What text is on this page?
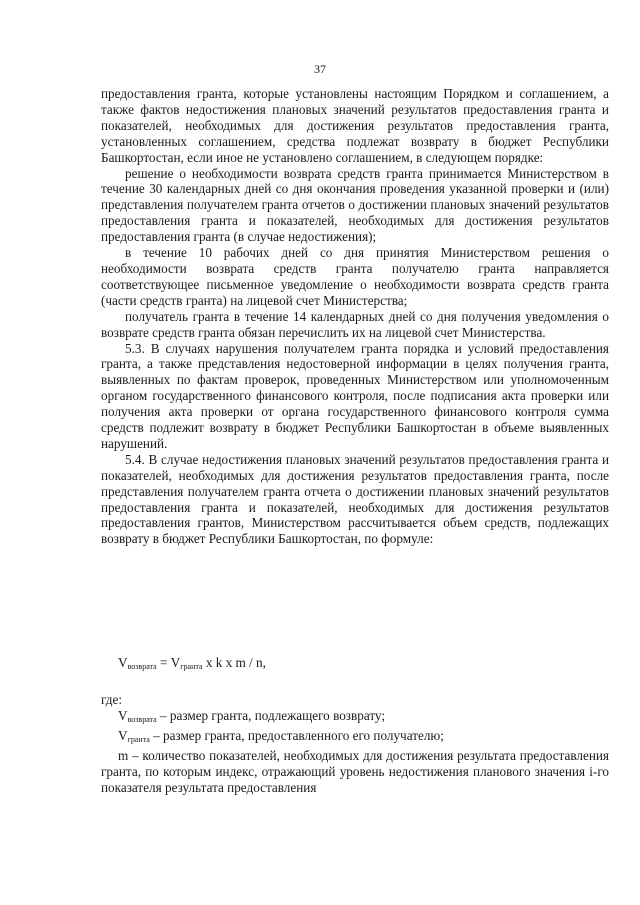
37

предоставления гранта, которые установлены настоящим Порядком и соглашением, а также фактов недостижения плановых значений результатов предоставления гранта и показателей, необходимых для достижения результатов предоставления гранта, установленных соглашением, средства подлежат возврату в бюджет Республики Башкортостан, если иное не установлено соглашением, в следующем порядке:

решение о необходимости возврата средств гранта принимается Министерством в течение 30 календарных дней со дня окончания проведения указанной проверки и (или) представления получателем гранта отчетов о достижении плановых значений результатов предоставления гранта и показателей, необходимых для достижения результатов предоставления гранта (в случае недостижения);

в течение 10 рабочих дней со дня принятия Министерством решения о необходимости возврата средств гранта получателю гранта направляется соответствующее письменное уведомление о необходимости возврата средств гранта (части средств гранта) на лицевой счет Министерства;

получатель гранта в течение 14 календарных дней со дня получения уведомления о возврате средств гранта обязан перечислить их на лицевой счет Министерства.

5.3. В случаях нарушения получателем гранта порядка и условий предоставления гранта, а также представления недостоверной информации в целях получения гранта, выявленных по фактам проверок, проведенных Министерством или уполномоченным органом государственного финансового контроля, после подписания акта проверки или получения акта проверки от органа государственного финансового контроля сумма средств подлежит возврату в бюджет Республики Башкортостан в объеме выявленных нарушений.

5.4. В случае недостижения плановых значений результатов предоставления гранта и показателей, необходимых для достижения результатов предоставления гранта, после представления получателем гранта отчета о достижении плановых значений результатов предоставления гранта и показателей, необходимых для достижения результатов предоставления грантов, Министерством рассчитывается объем средств, подлежащих возврату в бюджет Республики Башкортостан, по формуле:

$V_{возврата} = V_{гранта}$ x k x m / n,

где:

$V_{возврата}$ – размер гранта, подлежащего возврату;

$V_{гранта}$ – размер гранта, предоставленного его получателю;

m – количество показателей, необходимых для достижения результата предоставления гранта, по которым индекс, отражающий уровень недостижения планового значения i-го показателя результата предоставления
